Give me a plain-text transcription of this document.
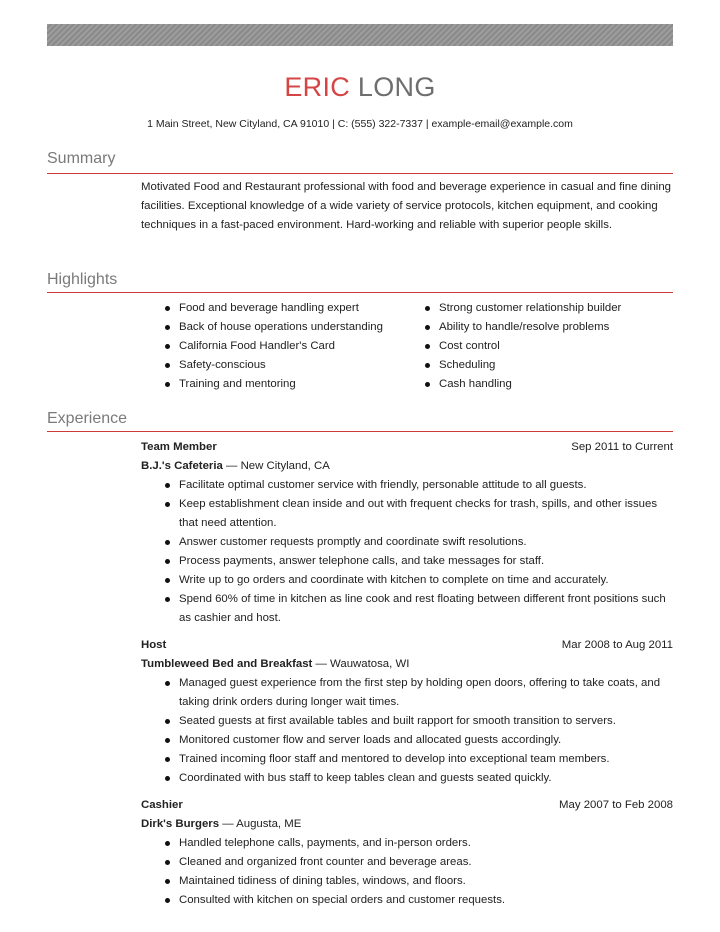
ERIC LONG
1 Main Street, New Cityland, CA 91010 | C: (555) 322-7337 | example-email@example.com
Summary
Motivated Food and Restaurant professional with food and beverage experience in casual and fine dining facilities. Exceptional knowledge of a wide variety of service protocols, kitchen equipment, and cooking techniques in a fast-paced environment. Hard-working and reliable with superior people skills.
Highlights
Food and beverage handling expert
Back of house operations understanding
California Food Handler's Card
Safety-conscious
Training and mentoring
Strong customer relationship builder
Ability to handle/resolve problems
Cost control
Scheduling
Cash handling
Experience
Team Member	Sep 2011 to Current
B.J.'s Cafeteria — New Cityland, CA
Facilitate optimal customer service with friendly, personable attitude to all guests.
Keep establishment clean inside and out with frequent checks for trash, spills, and other issues that need attention.
Answer customer requests promptly and coordinate swift resolutions.
Process payments, answer telephone calls, and take messages for staff.
Write up to go orders and coordinate with kitchen to complete on time and accurately.
Spend 60% of time in kitchen as line cook and rest floating between different front positions such as cashier and host.
Host	Mar 2008 to Aug 2011
Tumbleweed Bed and Breakfast — Wauwatosa, WI
Managed guest experience from the first step by holding open doors, offering to take coats, and taking drink orders during longer wait times.
Seated guests at first available tables and built rapport for smooth transition to servers.
Monitored customer flow and server loads and allocated guests accordingly.
Trained incoming floor staff and mentored to develop into exceptional team members.
Coordinated with bus staff to keep tables clean and guests seated quickly.
Cashier	May 2007 to Feb 2008
Dirk's Burgers — Augusta, ME
Handled telephone calls, payments, and in-person orders.
Cleaned and organized front counter and beverage areas.
Maintained tidiness of dining tables, windows, and floors.
Consulted with kitchen on special orders and customer requests.
